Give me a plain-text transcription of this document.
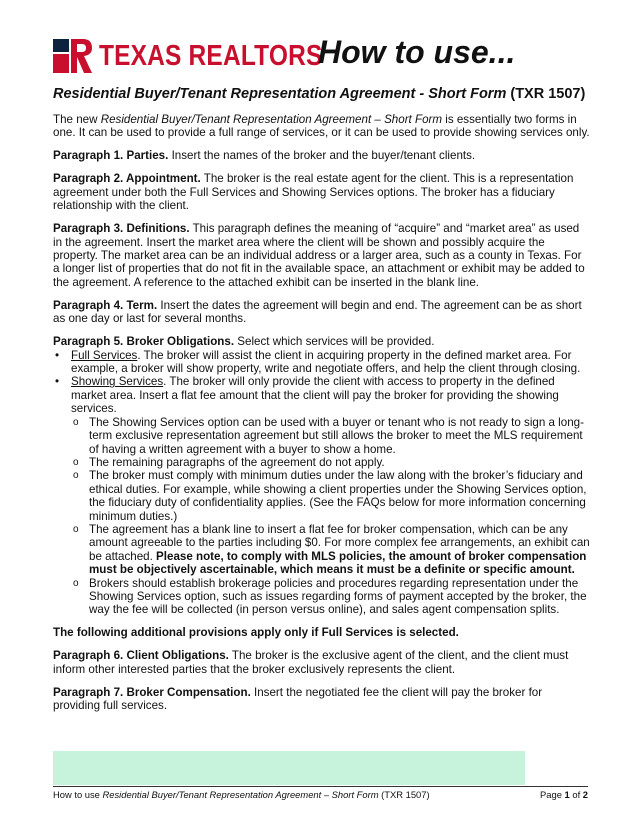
TEXAS REALTORS
How to use...
Residential Buyer/Tenant Representation Agreement - Short Form (TXR 1507)

The new Residential Buyer/Tenant Representation Agreement – Short Form is essentially two forms in one. It can be used to provide a full range of services, or it can be used to provide showing services only.

Paragraph 1. Parties. Insert the names of the broker and the buyer/tenant clients.

Paragraph 2. Appointment. The broker is the real estate agent for the client. This is a representation agreement under both the Full Services and Showing Services options. The broker has a fiduciary relationship with the client.

Paragraph 3. Definitions. This paragraph defines the meaning of “acquire” and “market area” as used in the agreement. Insert the market area where the client will be shown and possibly acquire the property. The market area can be an individual address or a larger area, such as a county in Texas. For a longer list of properties that do not fit in the available space, an attachment or exhibit may be added to the agreement. A reference to the attached exhibit can be inserted in the blank line.

Paragraph 4. Term. Insert the dates the agreement will begin and end. The agreement can be as short as one day or last for several months.

Paragraph 5. Broker Obligations. Select which services will be provided.
• Full Services. The broker will assist the client in acquiring property in the defined market area. For example, a broker will show property, write and negotiate offers, and help the client through closing.
• Showing Services. The broker will only provide the client with access to property in the defined market area. Insert a flat fee amount that the client will pay the broker for providing the showing services.
o The Showing Services option can be used with a buyer or tenant who is not ready to sign a long-term exclusive representation agreement but still allows the broker to meet the MLS requirement of having a written agreement with a buyer to show a home.
o The remaining paragraphs of the agreement do not apply.
o The broker must comply with minimum duties under the law along with the broker’s fiduciary and ethical duties. For example, while showing a client properties under the Showing Services option, the fiduciary duty of confidentiality applies. (See the FAQs below for more information concerning minimum duties.)
o The agreement has a blank line to insert a flat fee for broker compensation, which can be any amount agreeable to the parties including $0. For more complex fee arrangements, an exhibit can be attached. Please note, to comply with MLS policies, the amount of broker compensation must be objectively ascertainable, which means it must be a definite or specific amount.
o Brokers should establish brokerage policies and procedures regarding representation under the Showing Services option, such as issues regarding forms of payment accepted by the broker, the way the fee will be collected (in person versus online), and sales agent compensation splits.

The following additional provisions apply only if Full Services is selected.

Paragraph 6. Client Obligations. The broker is the exclusive agent of the client, and the client must inform other interested parties that the broker exclusively represents the client.

Paragraph 7. Broker Compensation. Insert the negotiated fee the client will pay the broker for providing full services.

How to use Residential Buyer/Tenant Representation Agreement – Short Form (TXR 1507)	Page 1 of 2
